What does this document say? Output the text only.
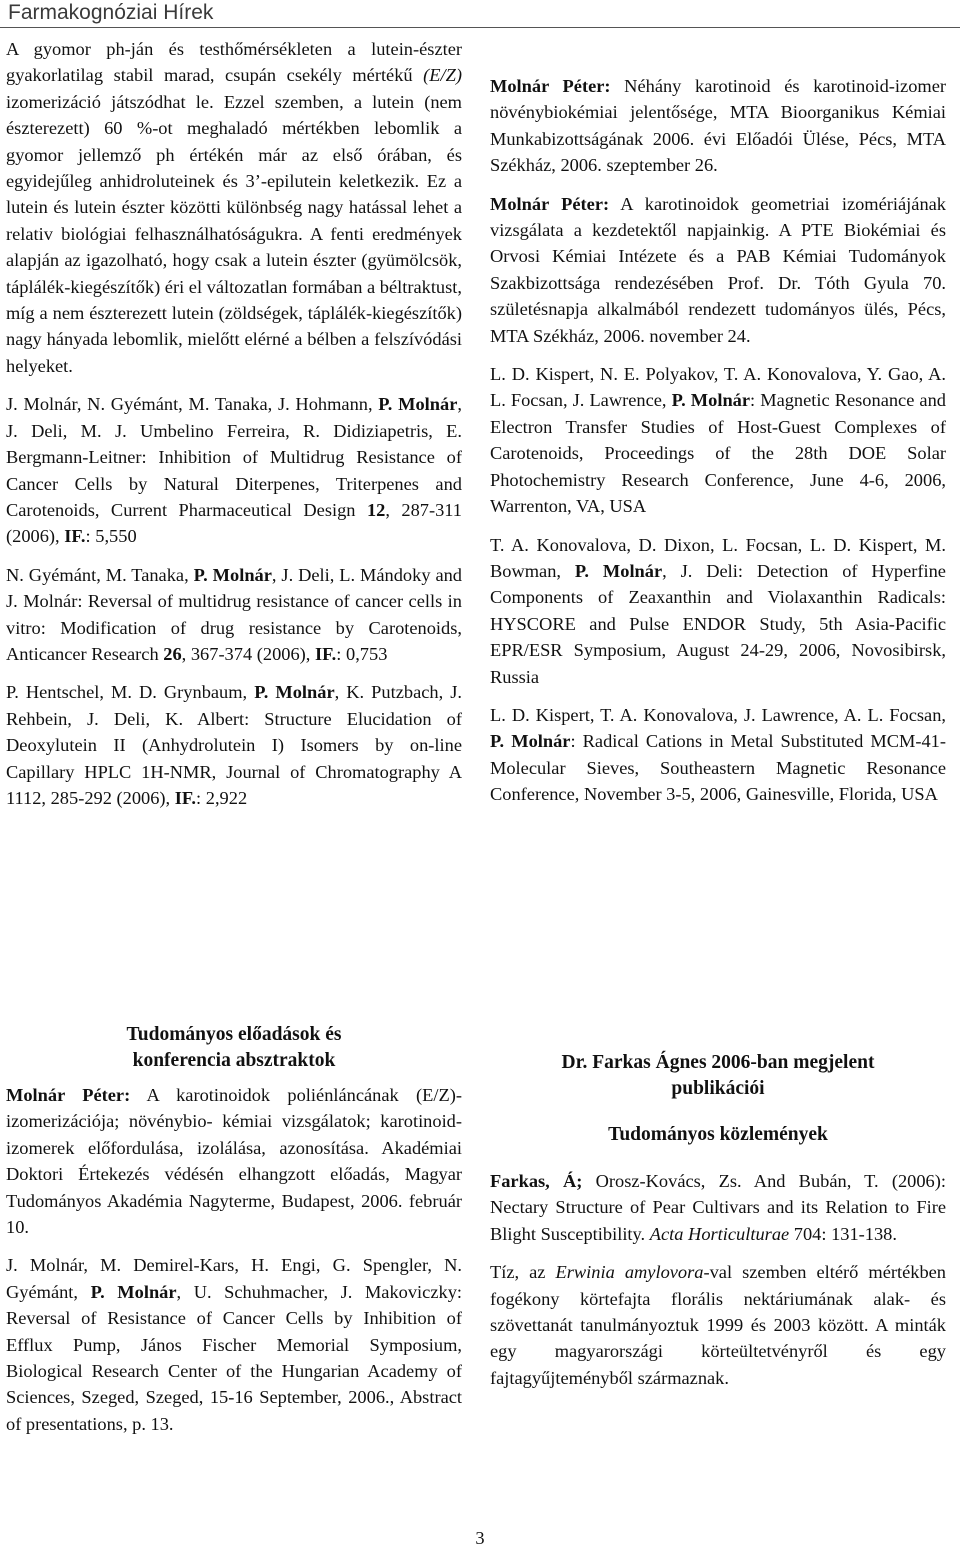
Farmakognóziai Hírek

A gyomor ph-ján és testhőmérsékleten a lutein-észter gyakorlatilag stabil marad, csupán csekély mértékű (E/Z) izomerizáció játszódhat le. Ezzel szemben, a lutein (nem észterezett) 60 %-ot meghaladó mértékben lebomlik a gyomor jellemző ph értékén már az első órában, és egyidejűleg anhidroluteinek és 3’-epilutein keletkezik. Ez a lutein és lutein észter közötti különbség nagy hatással lehet a relativ biológiai felhasználhatóságukra. A fenti eredmények alapján az igazolható, hogy csak a lutein észter (gyümölcsök, táplálék-kiegészítők) éri el változatlan formában a béltraktust, míg a nem észterezett lutein (zöldségek, táplálék-kiegészítők) nagy hányada lebomlik, mielőtt elérné a bélben a felszívódási helyeket.

J. Molnár, N. Gyémánt, M. Tanaka, J. Hohmann, P. Molnár, J. Deli, M. J. Umbelino Ferreira, R. Didiziapetris, E. Bergmann-Leitner: Inhibition of Multidrug Resistance of Cancer Cells by Natural Diterpenes, Triterpenes and Carotenoids, Current Pharmaceutical Design 12, 287-311 (2006), IF.: 5,550

N. Gyémánt, M. Tanaka, P. Molnár, J. Deli, L. Mándoky and J. Molnár: Reversal of multidrug resistance of cancer cells in vitro: Modification of drug resistance by Carotenoids, Anticancer Research 26, 367-374 (2006), IF.: 0,753

P. Hentschel, M. D. Grynbaum, P. Molnár, K. Putzbach, J. Rehbein, J. Deli, K. Albert: Structure Elucidation of Deoxylutein II (Anhydrolutein I) Isomers by on-line Capillary HPLC 1H-NMR, Journal of Chromatography A 1112, 285-292 (2006), IF.: 2,922

Tudományos előadások és
konferencia absztraktok

Molnár Péter: A karotinoidok poliénláncának (E/Z)-izomerizációja; növénybio- kémiai vizsgálatok; karotinoid-izomerek előfordulása, izolálása, azonosítása. Akadémiai Doktori Értekezés védésén elhangzott előadás, Magyar Tudományos Akadémia Nagyterme, Budapest, 2006. február 10.

J. Molnár, M. Demirel-Kars, H. Engi, G. Spengler, N. Gyémánt, P. Molnár, U. Schuhmacher, J. Makoviczky: Reversal of Resistance of Cancer Cells by Inhibition of Efflux Pump, János Fischer Memorial Symposium, Biological Research Center of the Hungarian Academy of Sciences, Szeged, Szeged, 15-16 September, 2006., Abstract of presentations, p. 13.

Molnár Péter: Néhány karotinoid és karotinoid-izomer növénybiokémiai jelentősége, MTA Bioorganikus Kémiai Munkabizottságának 2006. évi Előadói Ülése, Pécs, MTA Székház, 2006. szeptember 26.

Molnár Péter: A karotinoidok geometriai izomériájának vizsgálata a kezdetektől napjainkig. A PTE Biokémiai és Orvosi Kémiai Intézete és a PAB Kémiai Tudományok Szakbizottsága rendezésében Prof. Dr. Tóth Gyula 70. születésnapja alkalmából rendezett tudományos ülés, Pécs, MTA Székház, 2006. november 24.

L. D. Kispert, N. E. Polyakov, T. A. Konovalova, Y. Gao, A. L. Focsan, J. Lawrence, P. Molnár: Magnetic Resonance and Electron Transfer Studies of Host-Guest Complexes of Carotenoids, Proceedings of the 28th DOE Solar Photochemistry Research Conference, June 4-6, 2006, Warrenton, VA, USA

T. A. Konovalova, D. Dixon, L. Focsan, L. D. Kispert, M. Bowman, P. Molnár, J. Deli: Detection of Hyperfine Components of Zeaxanthin and Violaxanthin Radicals: HYSCORE and Pulse ENDOR Study, 5th Asia-Pacific EPR/ESR Symposium, August 24-29, 2006, Novosibirsk, Russia

L. D. Kispert, T. A. Konovalova, J. Lawrence, A. L. Focsan, P. Molnár: Radical Cations in Metal Substituted MCM-41-Molecular Sieves, Southeastern Magnetic Resonance Conference, November 3-5, 2006, Gainesville, Florida, USA

Dr. Farkas Ágnes 2006-ban megjelent
publikációi
Tudományos közlemények

Farkas, Á; Orosz-Kovács, Zs. And Bubán, T. (2006): Nectary Structure of Pear Cultivars and its Relation to Fire Blight Susceptibility. Acta Horticulturae 704: 131-138.

Tíz, az Erwinia amylovora-val szemben eltérő mértékben fogékony körtefajta florális nektáriumának alak- és szövettanát tanulmányoztuk 1999 és 2003 között. A minták egy magyarországi körteültetvényről és egy fajtagyűjteményből származnak.

3
